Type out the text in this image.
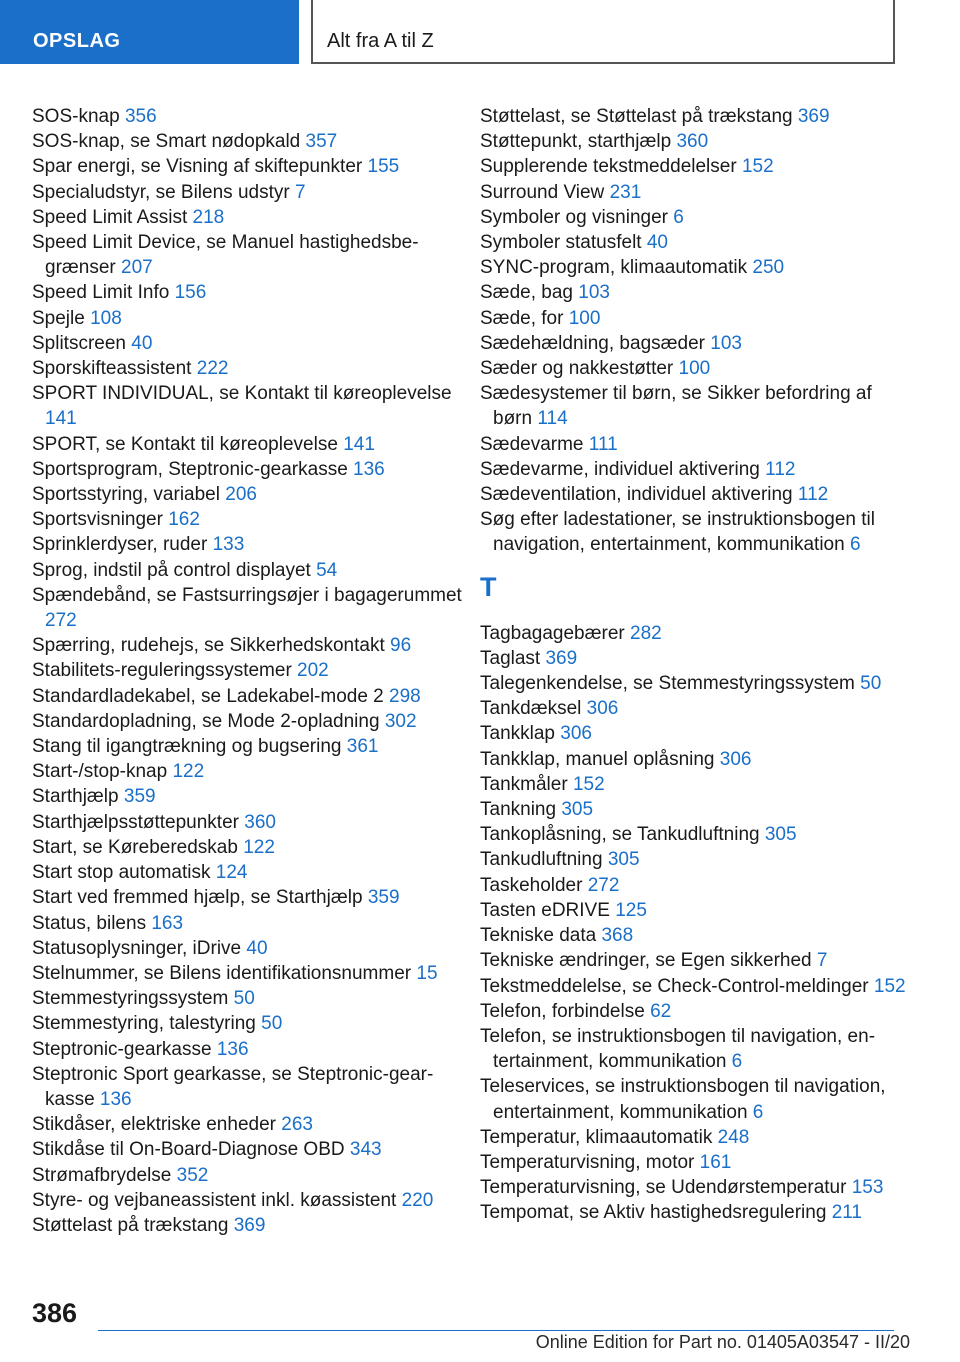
OPSLAG	Alt fra A til Z
SOS-knap 356
SOS-knap, se Smart nødopkald 357
Spar energi, se Visning af skiftepunkter 155
Specialudstyr, se Bilens udstyr 7
Speed Limit Assist 218
Speed Limit Device, se Manuel hastighedsbegrænser 207
Speed Limit Info 156
Spejle 108
Splitscreen 40
Sporskifteassistent 222
SPORT INDIVIDUAL, se Kontakt til køreoplevelse 141
SPORT, se Kontakt til køreoplevelse 141
Sportsprogram, Steptronic-gearkasse 136
Sportsstyring, variabel 206
Sportsvisninger 162
Sprinklerdyser, ruder 133
Sprog, indstil på control displayet 54
Spændebånd, se Fastsurringsøjer i bagagerummet 272
Spærring, rudehejs, se Sikkerhedskontakt 96
Stabilitets-reguleringssystemer 202
Standardladekabel, se Ladekabel-mode 2 298
Standardopladning, se Mode 2-opladning 302
Stang til igangtrækning og bugsering 361
Start-/stop-knap 122
Starthjælp 359
Starthjælpsstøttepunkter 360
Start, se Køreberedskab 122
Start stop automatisk 124
Start ved fremmed hjælp, se Starthjælp 359
Status, bilens 163
Statusoplysninger, iDrive 40
Stelnummer, se Bilens identifikationsnummer 15
Stemmestyringssystem 50
Stemmestyring, talestyring 50
Steptronic-gearkasse 136
Steptronic Sport gearkasse, se Steptronic-gearkasse 136
Stikdåser, elektriske enheder 263
Stikdåse til On-Board-Diagnose OBD 343
Strømafbrydelse 352
Styre- og vejbaneassistent inkl. køassistent 220
Støttelast på trækstang 369
Støttelast, se Støttelast på trækstang 369
Støttepunkt, starthjælp 360
Supplerende tekstmeddelelser 152
Surround View 231
Symboler og visninger 6
Symboler statusfelt 40
SYNC-program, klimaautomatik 250
Sæde, bag 103
Sæde, for 100
Sædehældning, bagsæder 103
Sæder og nakkestøtter 100
Sædesystemer til børn, se Sikker befordring af børn 114
Sædevarme 111
Sædevarme, individuel aktivering 112
Sædeventilation, individuel aktivering 112
Søg efter ladestationer, se instruktionsbogen til navigation, entertainment, kommunikation 6
T
Tagbagagebærer 282
Taglast 369
Talegenkendelse, se Stemmestyringssystem 50
Tankdæksel 306
Tankklap 306
Tankklap, manuel oplåsning 306
Tankmåler 152
Tankning 305
Tankoplåsning, se Tankudluftning 305
Tankudluftning 305
Taskeholder 272
Tasten eDRIVE 125
Tekniske data 368
Tekniske ændringer, se Egen sikkerhed 7
Tekstmeddelelse, se Check-Control-meldinger 152
Telefon, forbindelse 62
Telefon, se instruktionsbogen til navigation, entertainment, kommunikation 6
Teleservices, se instruktionsbogen til navigation, entertainment, kommunikation 6
Temperatur, klimaautomatik 248
Temperaturvisning, motor 161
Temperaturvisning, se Udendørstemperatur 153
Tempomat, se Aktiv hastighedsregulering 211
386
Online Edition for Part no. 01405A03547 - II/20
